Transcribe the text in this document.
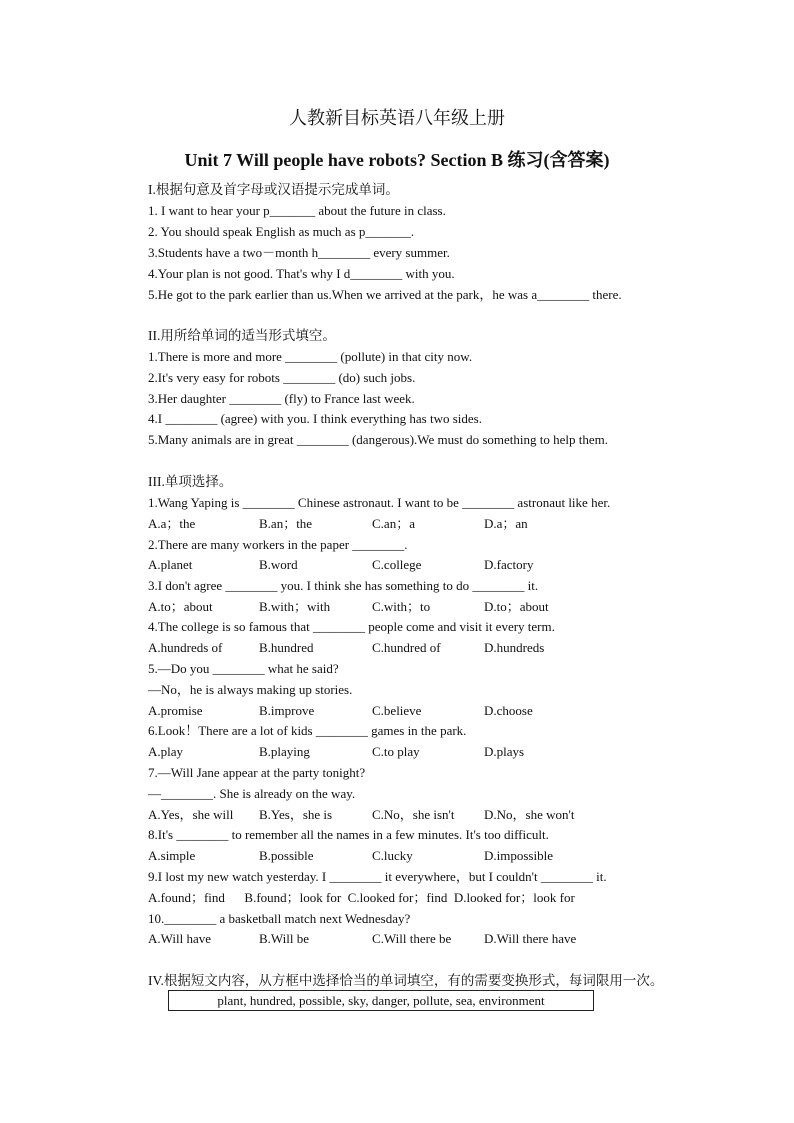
人教新目标英语八年级上册
Unit 7 Will people have robots? Section B 练习(含答案)
I.根据句意及首字母或汉语提示完成单词。
1. I want to hear your p_______ about the future in class.
2. You should speak English as much as p_______.
3.Students have a two－month h________ every summer.
4.Your plan is not good. That's why I d________ with you.
5.He got to the park earlier than us.When we arrived at the park，he was a________ there.
II.用所给单词的适当形式填空。
1.There is more and more ________ (pollute) in that city now.
2.It's very easy for robots ________ (do) such jobs.
3.Her daughter ________ (fly) to France last week.
4.I ________ (agree) with you. I think everything has two sides.
5.Many animals are in great ________ (dangerous).We must do something to help them.
III.单项选择。
1.Wang Yaping is ________ Chinese astronaut. I want to be ________ astronaut like her.
A.a；the	B.an；the	C.an；a	D.a；an
2.There are many workers in the paper ________.
A.planet	B.word	C.college	D.factory
3.I don't agree ________ you. I think she has something to do ________ it.
A.to；about	B.with；with	C.with；to	D.to；about
4.The college is so famous that ________ people come and visit it every term.
A.hundreds of	B.hundred	C.hundred of	D.hundreds
5.—Do you ________ what he said?
—No，he is always making up stories.
A.promise	B.improve	C.believe	D.choose
6.Look！There are a lot of kids ________ games in the park.
A.play	B.playing	C.to play	D.plays
7.—Will Jane appear at the party tonight?
—________. She is already on the way.
A.Yes，she will B.Yes，she is	C.No，she isn't D.No，she won't
8.It's ________ to remember all the names in a few minutes. It's too difficult.
A.simple	B.possible	C.lucky	D.impossible
9.I lost my new watch yesterday. I ________ it everywhere，but I couldn't ________ it.
A.found；find      B.found；look for  C.looked for；find  D.looked for；look for
10.________ a basketball match next Wednesday?
A.Will have	B.Will be	C.Will there be	D.Will there have
IV.根据短文内容，从方框中选择恰当的单词填空，有的需要变换形式，每词限用一次。
plant, hundred, possible, sky, danger, pollute, sea, environment
